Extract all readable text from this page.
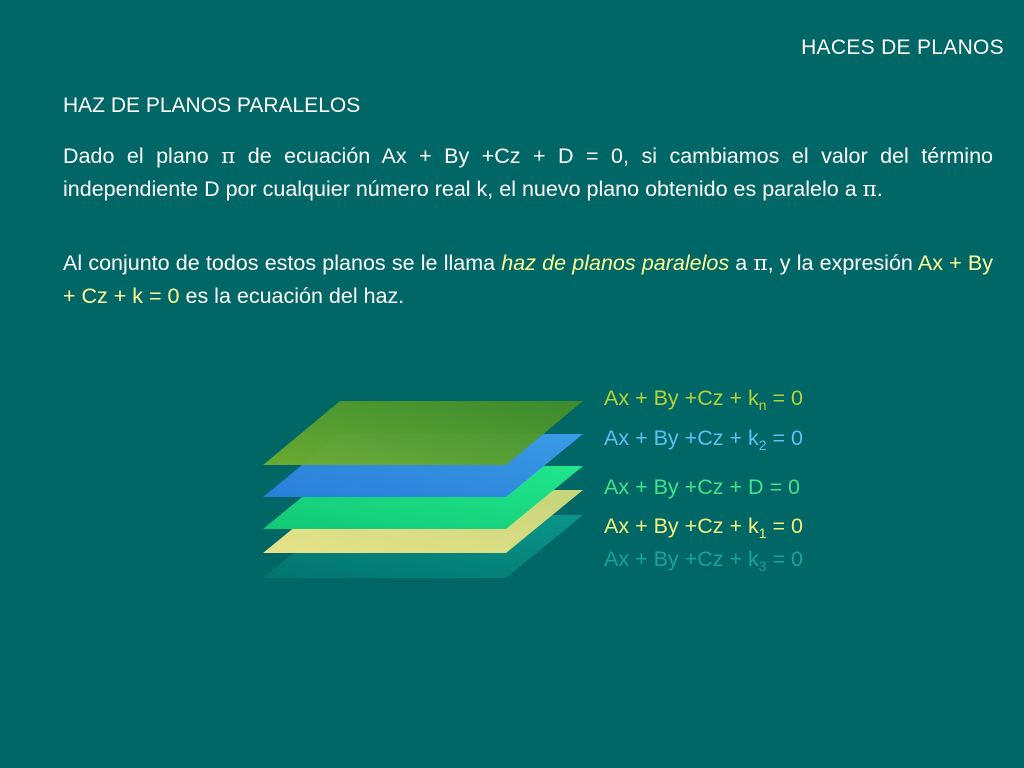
HACES DE PLANOS
HAZ DE PLANOS PARALELOS
Dado el plano π de ecuación Ax + By +Cz + D = 0, si cambiamos el valor del término independiente D por cualquier número real k, el nuevo plano obtenido es paralelo a π.
Al conjunto de todos estos planos se le llama haz de planos paralelos a π, y la expresión Ax + By + Cz + k = 0 es la ecuación del haz.
$Ax + By +Cz + k_n = 0$
$Ax + By +Cz + k_2 = 0$
Ax + By +Cz + D = 0
$Ax + By +Cz + k_1 = 0$
$Ax + By +Cz + k_3 = 0$
